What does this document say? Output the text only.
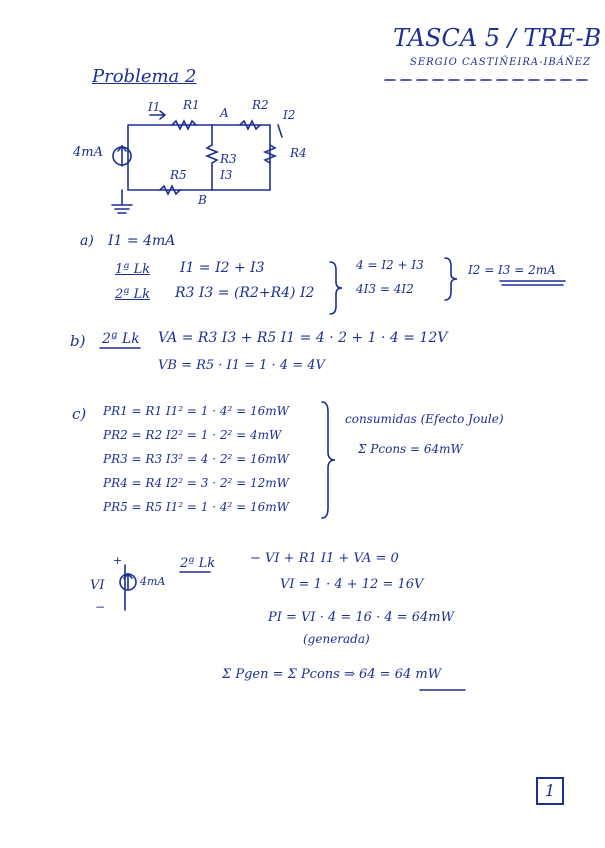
TASCA 5 / TRE-B
SERGIO CASTIÑEIRA-IBÁÑEZ
Problema 2
4mA
I1 R1
A
R2
I2
R3
I3
R4
R5
B
a) I1 = 4mA
1ª Lk I1 = I2 + I3
2ª Lk R3 I3 = (R2+R4) I2
4 = I2 + I3
4I3 = 4I2
I2 = I3 = 2mA
b) 2ª Lk VA = R3 I3 + R5 I1 = 4 · 2 + 1 · 4 = 12V
VB = R5 · I1 = 1 · 4 = 4V
c) PR1 = R1 I1² = 1 · 4² = 16mW
PR2 = R2 I2² = 1 · 2² = 4mW
PR3 = R3 I3² = 4 · 2² = 16mW
PR4 = R4 I2² = 3 · 2² = 12mW
PR5 = R5 I1² = 1 · 4² = 16mW
consumidas (Efecto Joule)
Σ Pcons = 64mW
+
VI	4mA
−
2ª Lk	− VI + R1 I1 + VA = 0
VI = 1 · 4 + 12 = 16V
PI = VI · 4 = 16 · 4 = 64mW
(generada)
Σ Pgen = Σ Pcons ⇒ 64 = 64 mW
1
